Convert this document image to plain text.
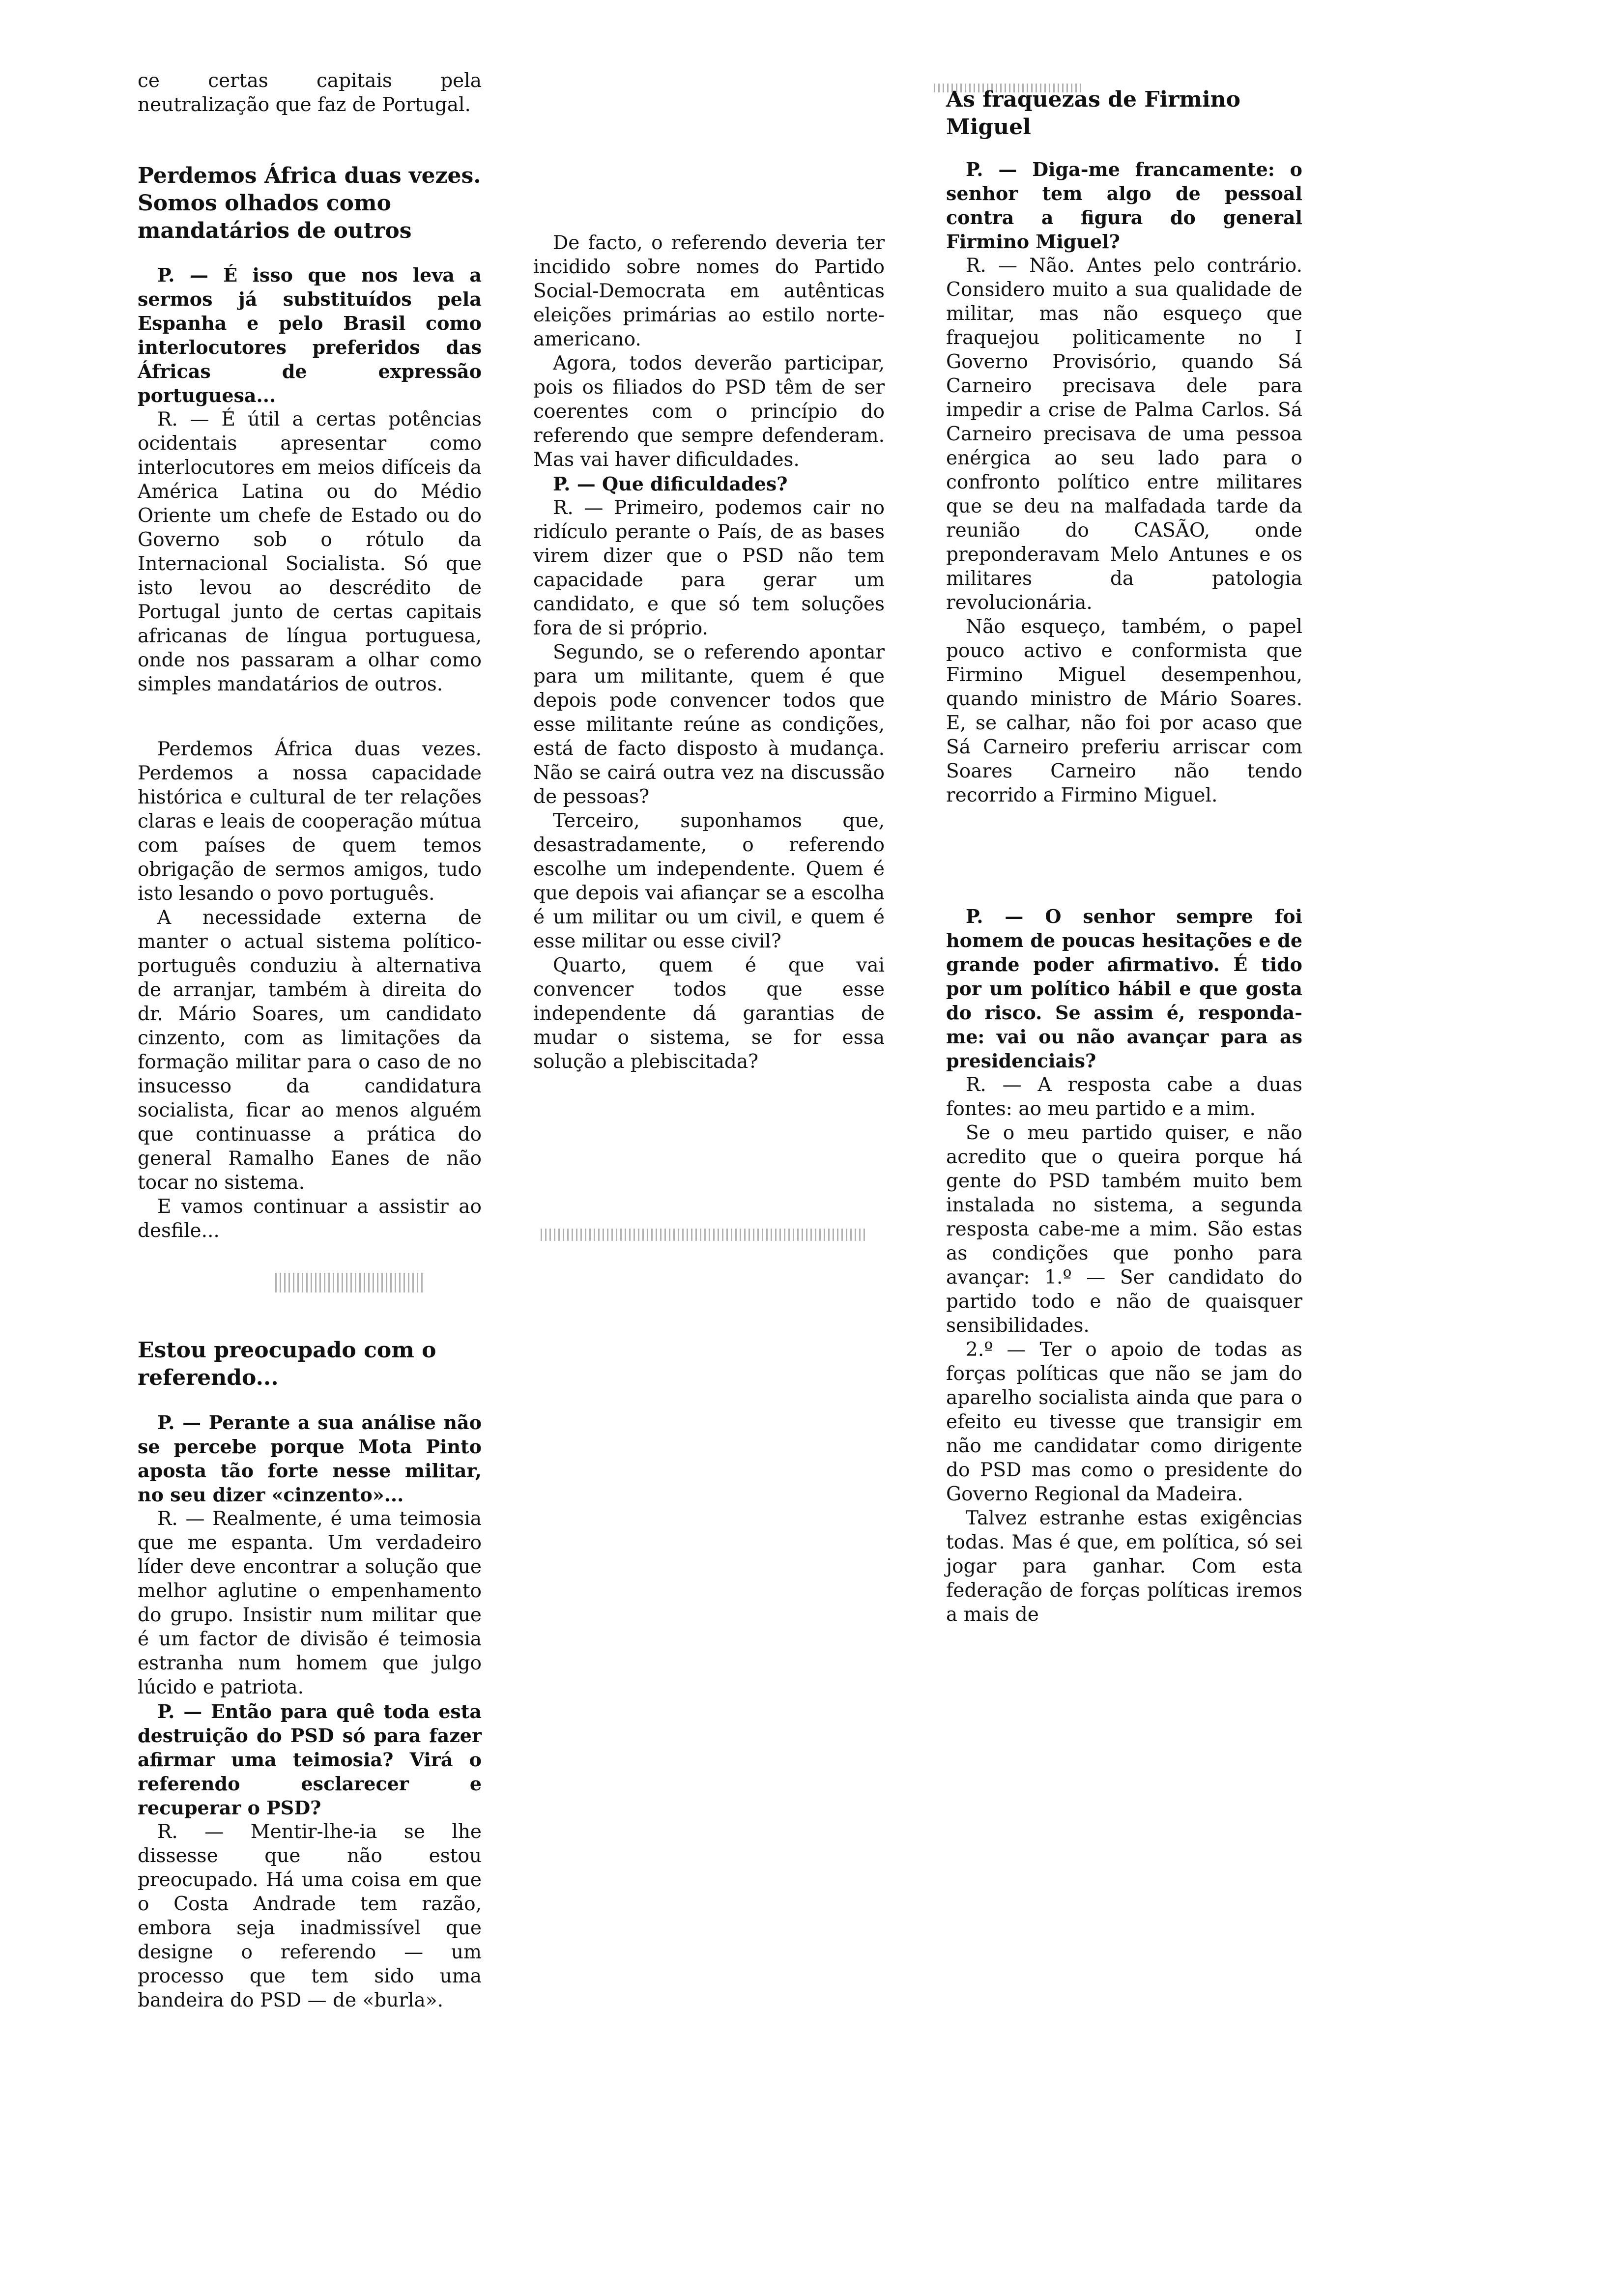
ce certas capitais pela neutralização que faz de Portugal.

Perdemos África duas vezes. Somos olhados como mandatários de outros

P. — É isso que nos leva a sermos já substituídos pela Espanha e pelo Brasil como interlocutores preferidos das Áfricas de expressão portuguesa...

R. — É útil a certas potências ocidentais apresentar como interlocutores em meios difíceis da América Latina ou do Médio Oriente um chefe de Estado ou do Governo sob o rótulo da Internacional Socialista. Só que isto levou ao descrédito de Portugal junto de certas capitais africanas de língua portuguesa, onde nos passaram a olhar como simples mandatários de outros.

Perdemos África duas vezes. Perdemos a nossa capacidade histórica e cultural de ter relações claras e leais de cooperação mútua com países de quem temos obrigação de sermos amigos, tudo isto lesando o povo português.

A necessidade externa de manter o actual sistema político-português conduziu à alternativa de arranjar, também à direita do dr. Mário Soares, um candidato cinzento, com as limitações da formação militar para o caso de no insucesso da candidatura socialista, ficar ao menos alguém que continuasse a prática do general Ramalho Eanes de não tocar no sistema.

E vamos continuar a assistir ao desfile...

Estou preocupado com o referendo...

P. — Perante a sua análise não se percebe porque Mota Pinto aposta tão forte nesse militar, no seu dizer «cinzento»...

R. — Realmente, é uma teimosia que me espanta. Um verdadeiro líder deve encontrar a solução que melhor aglutine o empenhamento do grupo. Insistir num militar que é um factor de divisão é teimosia estranha num homem que julgo lúcido e patriota.

P. — Então para quê toda esta destruição do PSD só para fazer afirmar uma teimosia? Virá o referendo esclarecer e recuperar o PSD?

R. — Mentir-lhe-ia se lhe dissesse que não estou preocupado. Há uma coisa em que o Costa Andrade tem razão, embora seja inadmissível que designe o referendo — um processo que tem sido uma bandeira do PSD — de «burla».

De facto, o referendo deveria ter incidido sobre nomes do Partido Social-Democrata em autênticas eleições primárias ao estilo norte-americano.

Agora, todos deverão participar, pois os filiados do PSD têm de ser coerentes com o princípio do referendo que sempre defenderam. Mas vai haver dificuldades.

P. — Que dificuldades?

R. — Primeiro, podemos cair no ridículo perante o País, de as bases virem dizer que o PSD não tem capacidade para gerar um candidato, e que só tem soluções fora de si próprio.

Segundo, se o referendo apontar para um militante, quem é que depois pode convencer todos que esse militante reúne as condições, está de facto disposto à mudança. Não se cairá outra vez na discussão de pessoas?

Terceiro, suponhamos que, desastradamente, o referendo escolhe um independente. Quem é que depois vai afiançar se a escolha é um militar ou um civil, e quem é esse militar ou esse civil?

Quarto, quem é que vai convencer todos que esse independente dá garantias de mudar o sistema, se for essa solução a plebiscitada?

As fraquezas de Firmino Miguel

P. — Diga-me francamente: o senhor tem algo de pessoal contra a figura do general Firmino Miguel?

R. — Não. Antes pelo contrário. Considero muito a sua qualidade de militar, mas não esqueço que fraquejou politicamente no I Governo Provisório, quando Sá Carneiro precisava dele para impedir a crise de Palma Carlos. Sá Carneiro precisava de uma pessoa enérgica ao seu lado para o confronto político entre militares que se deu na malfadada tarde da reunião do CASÃO, onde preponderavam Melo Antunes e os militares da patologia revolucionária.

Não esqueço, também, o papel pouco activo e conformista que Firmino Miguel desempenhou, quando ministro de Mário Soares. E, se calhar, não foi por acaso que Sá Carneiro preferiu arriscar com Soares Carneiro não tendo recorrido a Firmino Miguel.

P. — O senhor sempre foi homem de poucas hesitações e de grande poder afirmativo. É tido por um político hábil e que gosta do risco. Se assim é, responda-me: vai ou não avançar para as presidenciais?

R. — A resposta cabe a duas fontes: ao meu partido e a mim.

Se o meu partido quiser, e não acredito que o queira porque há gente do PSD também muito bem instalada no sistema, a segunda resposta cabe-me a mim. São estas as condições que ponho para avançar: 1.º — Ser candidato do partido todo e não de quaisquer sensibilidades.

2.º — Ter o apoio de todas as forças políticas que não se jam do aparelho socialista ainda que para o efeito eu tivesse que transigir em não me candidatar como dirigente do PSD mas como o presidente do Governo Regional da Madeira.

Talvez estranhe estas exigências todas. Mas é que, em política, só sei jogar para ganhar. Com esta federação de forças políticas iremos a mais de
